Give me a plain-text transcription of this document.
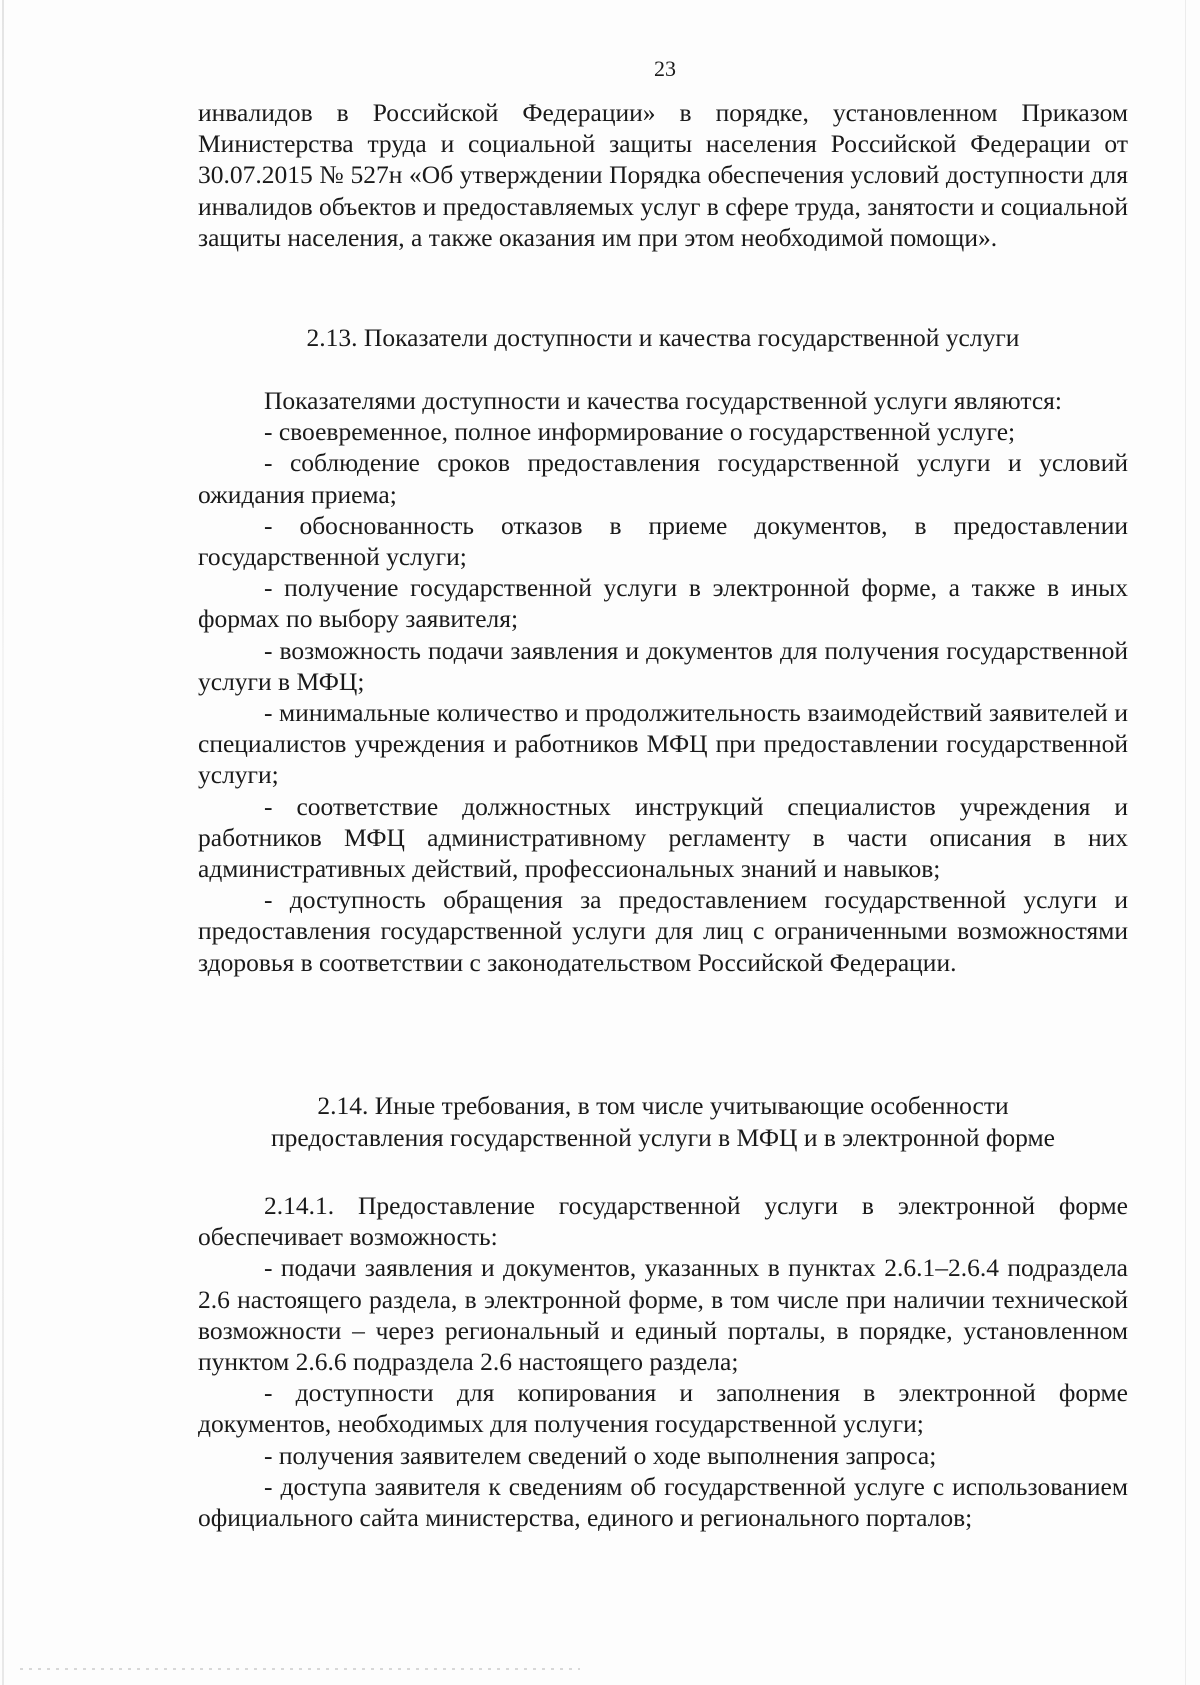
23

инвалидов в Российской Федерации» в порядке, установленном Приказом Министерства труда и социальной защиты населения Российской Федерации от 30.07.2015 № 527н «Об утверждении Порядка обеспечения условий доступности для инвалидов объектов и предоставляемых услуг в сфере труда, занятости и социальной защиты населения, а также оказания им при этом необходимой помощи».

2.13. Показатели доступности и качества государственной услуги

Показателями доступности и качества государственной услуги являются:

- своевременное, полное информирование о государственной услуге;

- соблюдение сроков предоставления государственной услуги и условий ожидания приема;

- обоснованность отказов в приеме документов, в предоставлении государственной услуги;

- получение государственной услуги в электронной форме, а также в иных формах по выбору заявителя;

- возможность подачи заявления и документов для получения государственной услуги в МФЦ;

- минимальные количество и продолжительность взаимодействий заявителей и специалистов учреждения и работников МФЦ при предоставлении государственной услуги;

- соответствие должностных инструкций специалистов учреждения и работников МФЦ административному регламенту в части описания в них административных действий, профессиональных знаний и навыков;

- доступность обращения за предоставлением государственной услуги и предоставления государственной услуги для лиц с ограниченными возможностями здоровья в соответствии с законодательством Российской Федерации.

2.14. Иные требования, в том числе учитывающие особенности
предоставления государственной услуги в МФЦ и в электронной форме

2.14.1. Предоставление государственной услуги в электронной форме обеспечивает возможность:

- подачи заявления и документов, указанных в пунктах 2.6.1–2.6.4 подраздела 2.6 настоящего раздела, в электронной форме, в том числе при наличии технической возможности – через региональный и единый порталы, в порядке, установленном пунктом 2.6.6 подраздела 2.6 настоящего раздела;

- доступности для копирования и заполнения в электронной форме документов, необходимых для получения государственной услуги;

- получения заявителем сведений о ходе выполнения запроса;

- доступа заявителя к сведениям об государственной услуге с использованием официального сайта министерства, единого и регионального порталов;
